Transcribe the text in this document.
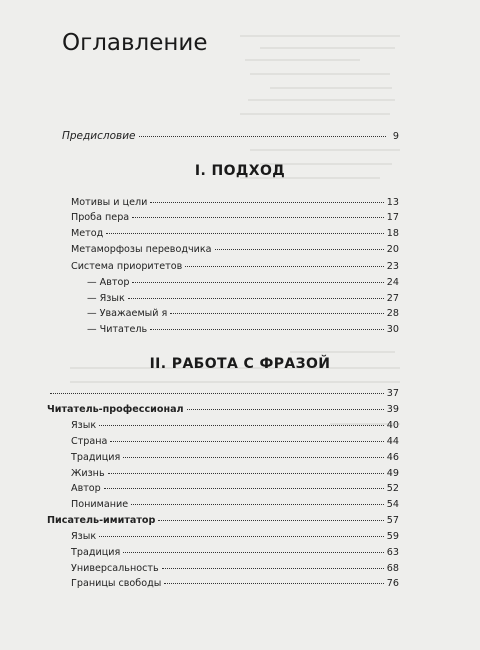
Оглавление
Предисловие	9
I. ПОДХОД
Мотивы и цели	13
Проба пера	17
Метод	18
Метаморфозы переводчика	20
Система приоритетов	23
— Автор	24
— Язык	27
— Уважаемый я	28
— Читатель	30
II. РАБОТА С ФРАЗОЙ
37
Читатель-профессионал	39
Язык	40
Страна	44
Традиция	46
Жизнь	49
Автор	52
Понимание	54
Писатель-имитатор	57
Язык	59
Традиция	63
Универсальность	68
Границы свободы	76
